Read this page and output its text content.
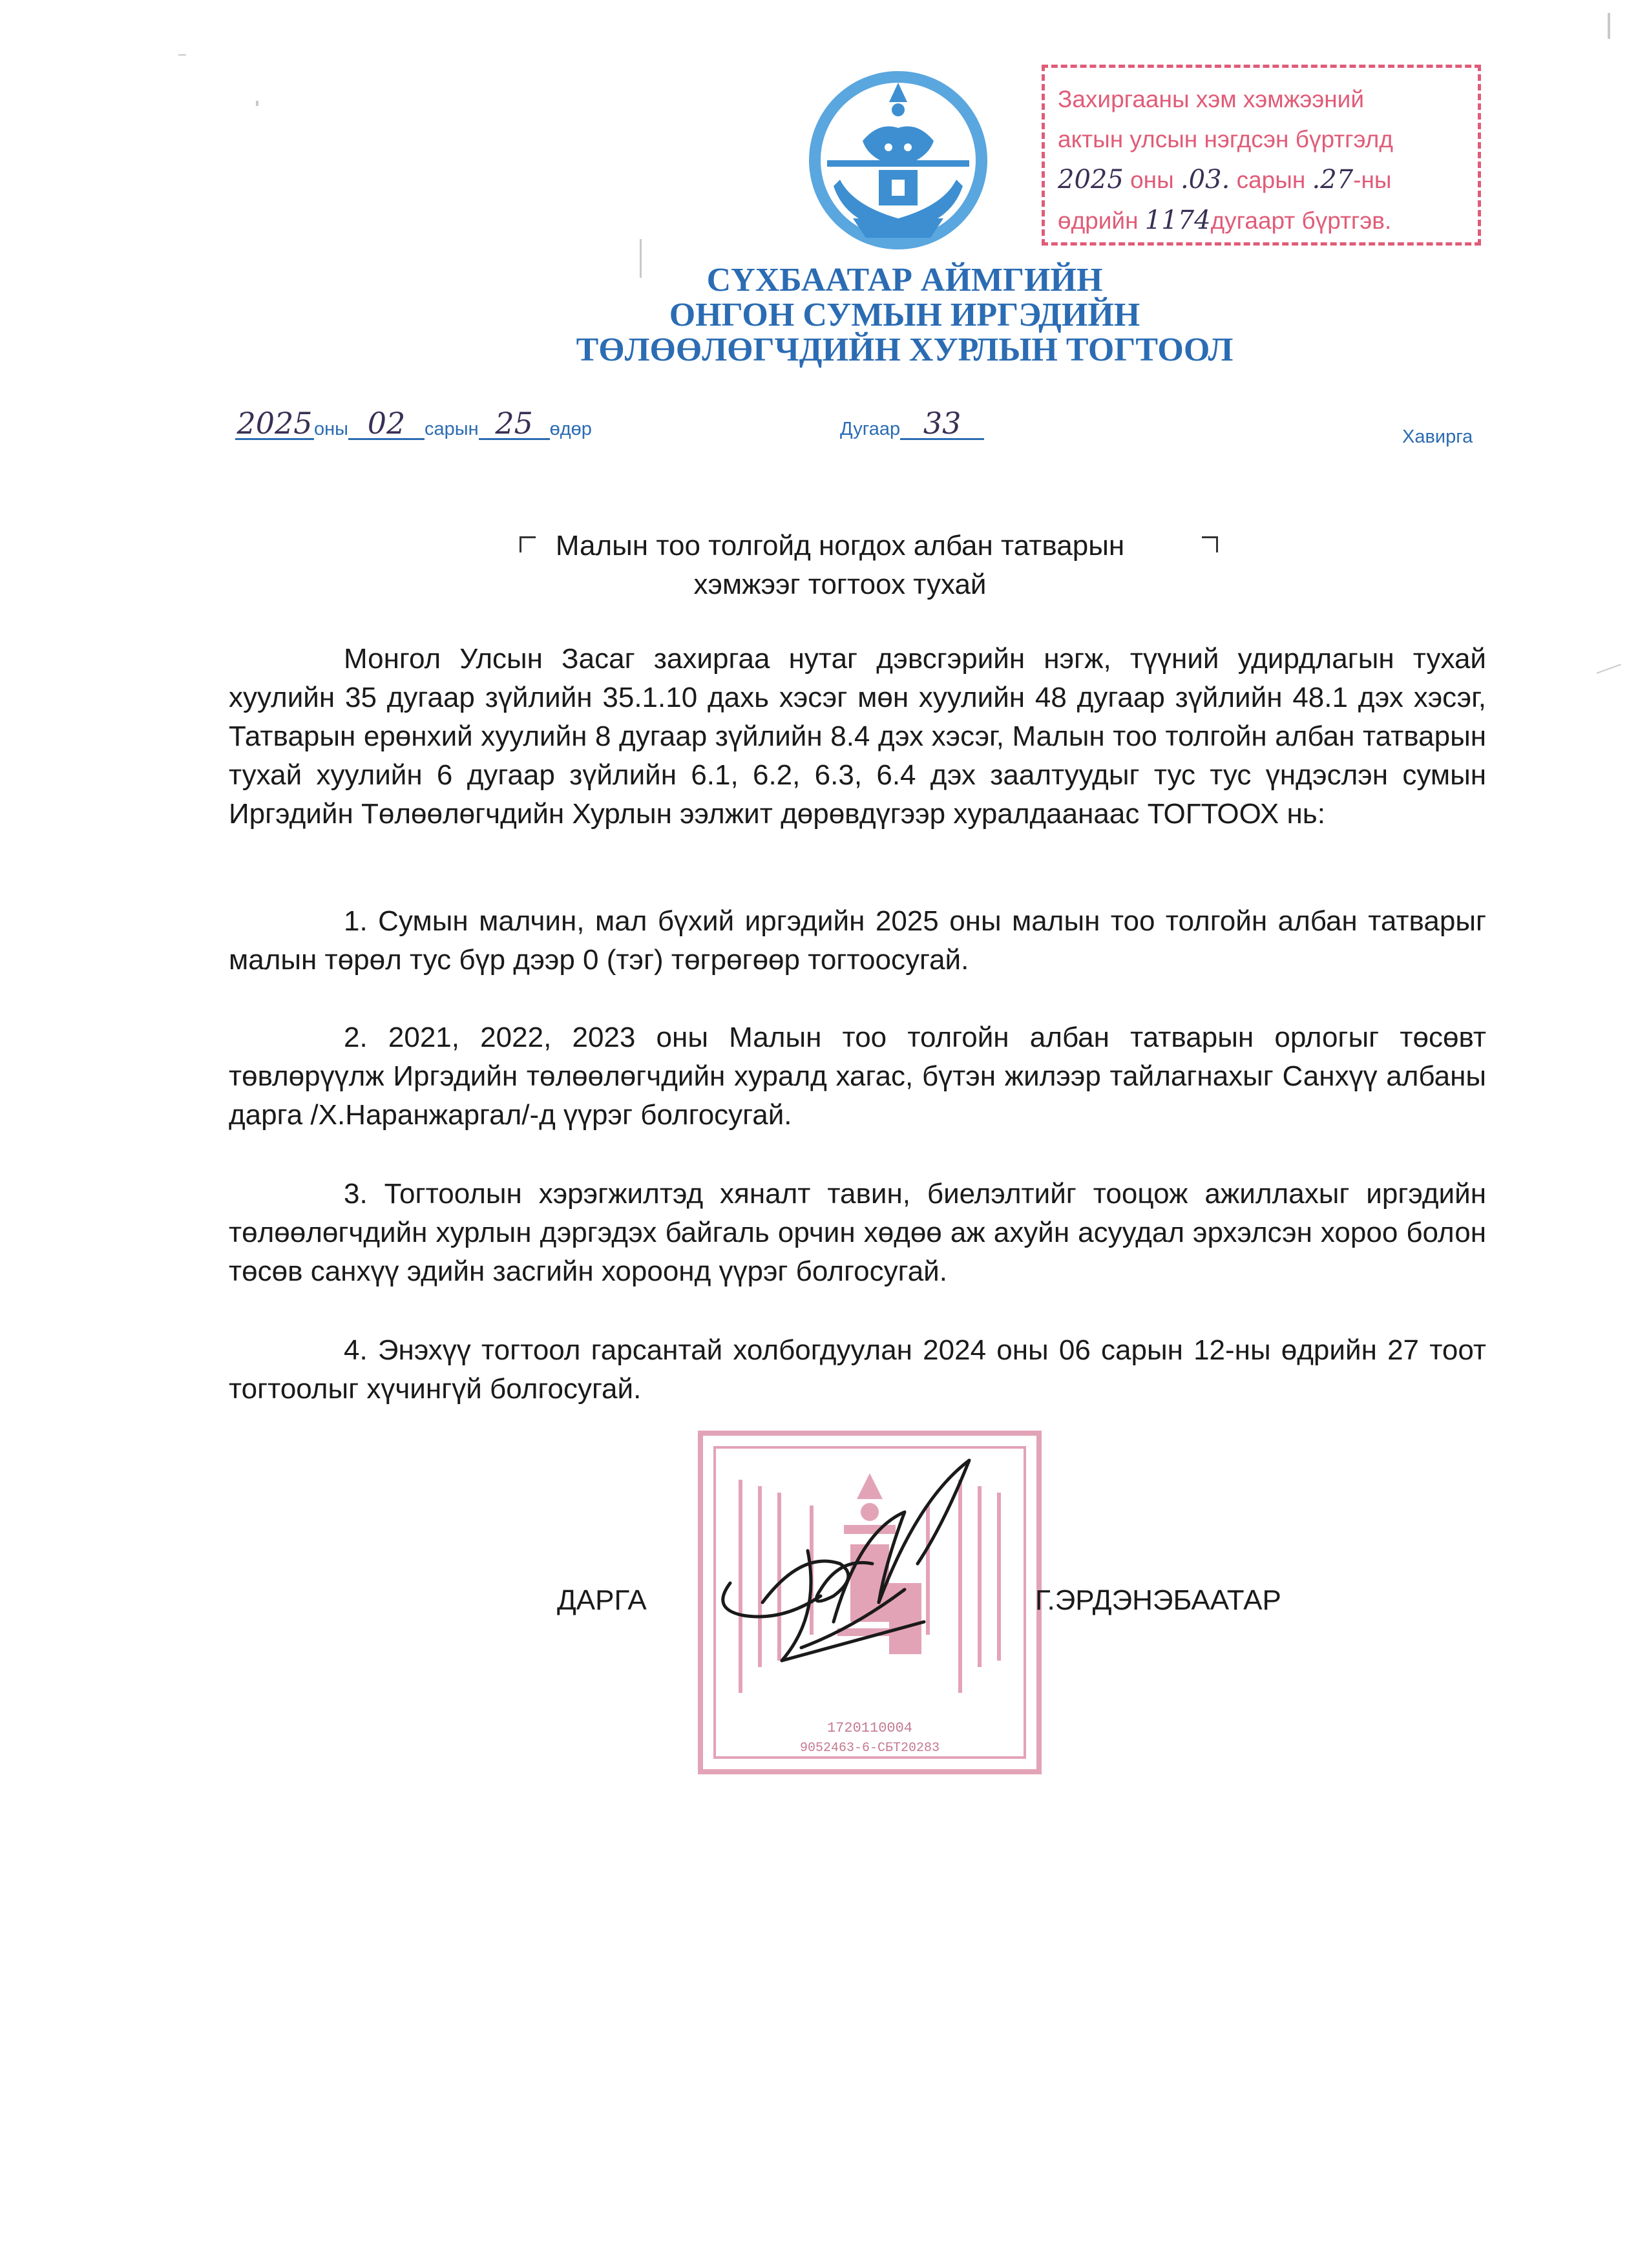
Захиргааны хэм хэмжээний
актын улсын нэгдсэн бүртгэлд
2025 оны .03. сарын .27-ны
өдрийн 1174дугаарт бүртгэв.
СҮХБААТАР АЙМГИЙН
ОНГОН СУМЫН ИРГЭДИЙН
ТӨЛӨӨЛӨГЧДИЙН ХУРЛЫН ТОГТООЛ
2025оны 02 сарын 25 өдөр	Дугаар 33	Хавирга
Малын тоо толгойд ногдох албан татварын
хэмжээг тогтоох тухай
Монгол Улсын Засаг захиргаа нутаг дэвсгэрийн нэгж, түүний удирдлагын тухай хуулийн 35 дугаар зүйлийн 35.1.10 дахь хэсэг мөн хуулийн 48 дугаар зүйлийн 48.1 дэх хэсэг, Татварын ерөнхий хуулийн 8 дугаар зүйлийн 8.4 дэх хэсэг, Малын тоо толгойн албан татварын тухай хуулийн 6 дугаар зүйлийн 6.1, 6.2, 6.3, 6.4 дэх заалтуудыг тус тус үндэслэн сумын Иргэдийн Төлөөлөгчдийн Хурлын ээлжит дөрөвдүгээр хуралдаанаас ТОГТООХ нь:
1. Сумын малчин, мал бүхий иргэдийн 2025 оны малын тоо толгойн албан татварыг малын төрөл тус бүр дээр 0 (тэг) төгрөгөөр тогтоосугай.
2. 2021, 2022, 2023 оны Малын тоо толгойн албан татварын орлогыг төсөвт төвлөрүүлж Иргэдийн төлөөлөгчдийн хуралд хагас, бүтэн жилээр тайлагнахыг Санхүү албаны дарга /Х.Наранжаргал/-д үүрэг болгосугай.
3. Тогтоолын хэрэгжилтэд хяналт тавин, биелэлтийг тооцож ажиллахыг иргэдийн төлөөлөгчдийн хурлын дэргэдэх байгаль орчин хөдөө аж ахуйн асуудал эрхэлсэн хороо болон төсөв санхүү эдийн засгийн хороонд үүрэг болгосугай.
4. Энэхүү тогтоол гарсантай холбогдуулан 2024 оны 06 сарын 12-ны өдрийн 27 тоот тогтоолыг хүчингүй болгосугай.
1720110004
9052463-6-СБТ20283
ДАРГА	Г.ЭРДЭНЭБААТАР
